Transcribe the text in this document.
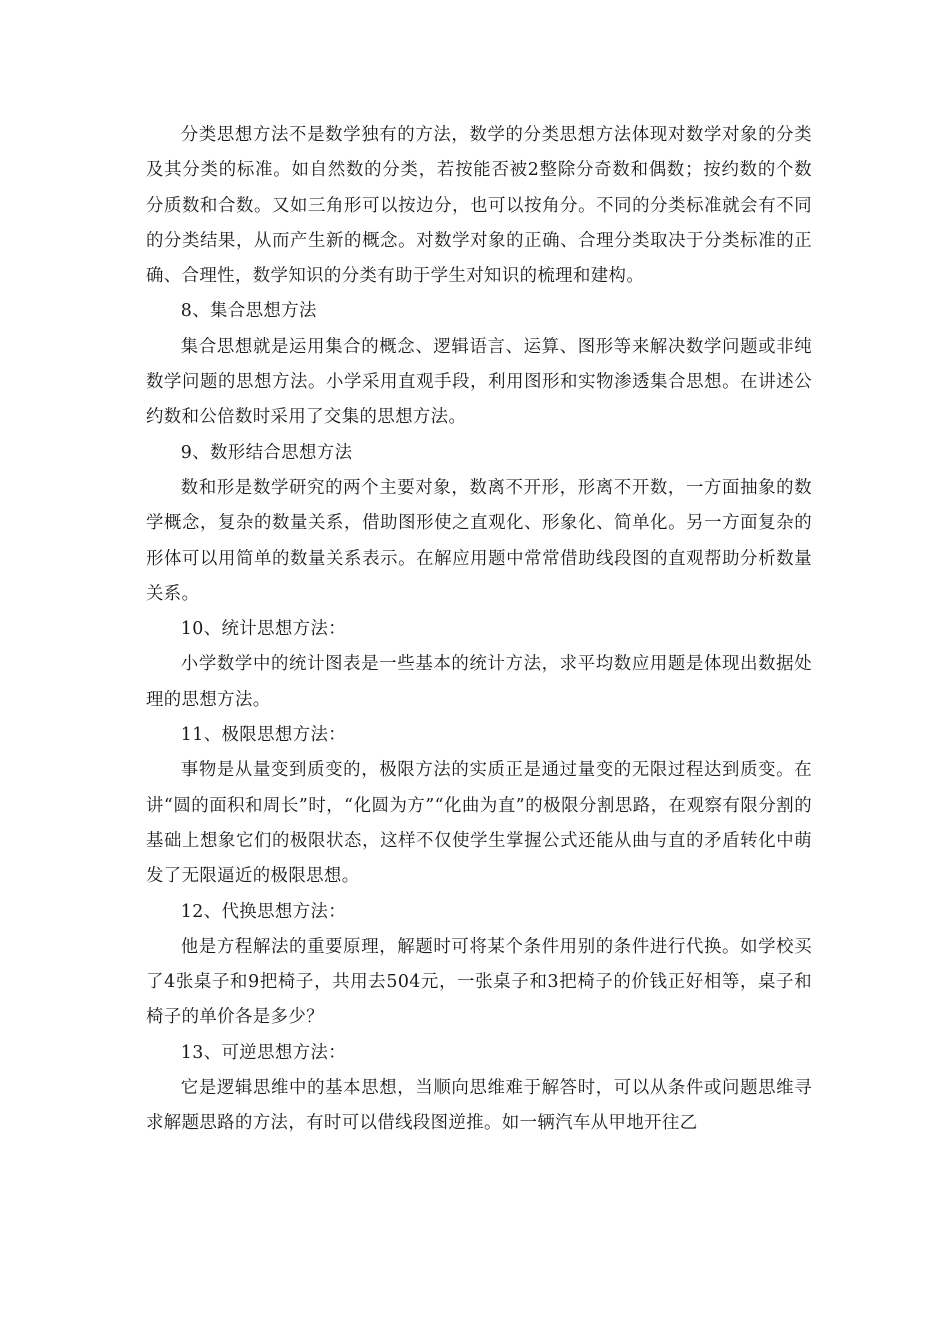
分类思想方法不是数学独有的方法，数学的分类思想方法体现对数学对象的分类及其分类的标准。如自然数的分类，若按能否被2整除分奇数和偶数；按约数的个数分质数和合数。又如三角形可以按边分，也可以按角分。不同的分类标准就会有不同的分类结果，从而产生新的概念。对数学对象的正确、合理分类取决于分类标准的正确、合理性，数学知识的分类有助于学生对知识的梳理和建构。

8、集合思想方法

集合思想就是运用集合的概念、逻辑语言、运算、图形等来解决数学问题或非纯数学问题的思想方法。小学采用直观手段，利用图形和实物渗透集合思想。在讲述公约数和公倍数时采用了交集的思想方法。

9、数形结合思想方法

数和形是数学研究的两个主要对象，数离不开形，形离不开数，一方面抽象的数学概念，复杂的数量关系，借助图形使之直观化、形象化、简单化。另一方面复杂的形体可以用简单的数量关系表示。在解应用题中常常借助线段图的直观帮助分析数量关系。

10、统计思想方法：

小学数学中的统计图表是一些基本的统计方法，求平均数应用题是体现出数据处理的思想方法。

11、极限思想方法：

事物是从量变到质变的，极限方法的实质正是通过量变的无限过程达到质变。在讲“圆的面积和周长”时，“化圆为方”“化曲为直”的极限分割思路，在观察有限分割的基础上想象它们的极限状态，这样不仅使学生掌握公式还能从曲与直的矛盾转化中萌发了无限逼近的极限思想。

12、代换思想方法：

他是方程解法的重要原理，解题时可将某个条件用别的条件进行代换。如学校买了4张桌子和9把椅子，共用去504元，一张桌子和3把椅子的价钱正好相等，桌子和椅子的单价各是多少？

13、可逆思想方法：

它是逻辑思维中的基本思想，当顺向思维难于解答时，可以从条件或问题思维寻求解题思路的方法，有时可以借线段图逆推。如一辆汽车从甲地开往乙
